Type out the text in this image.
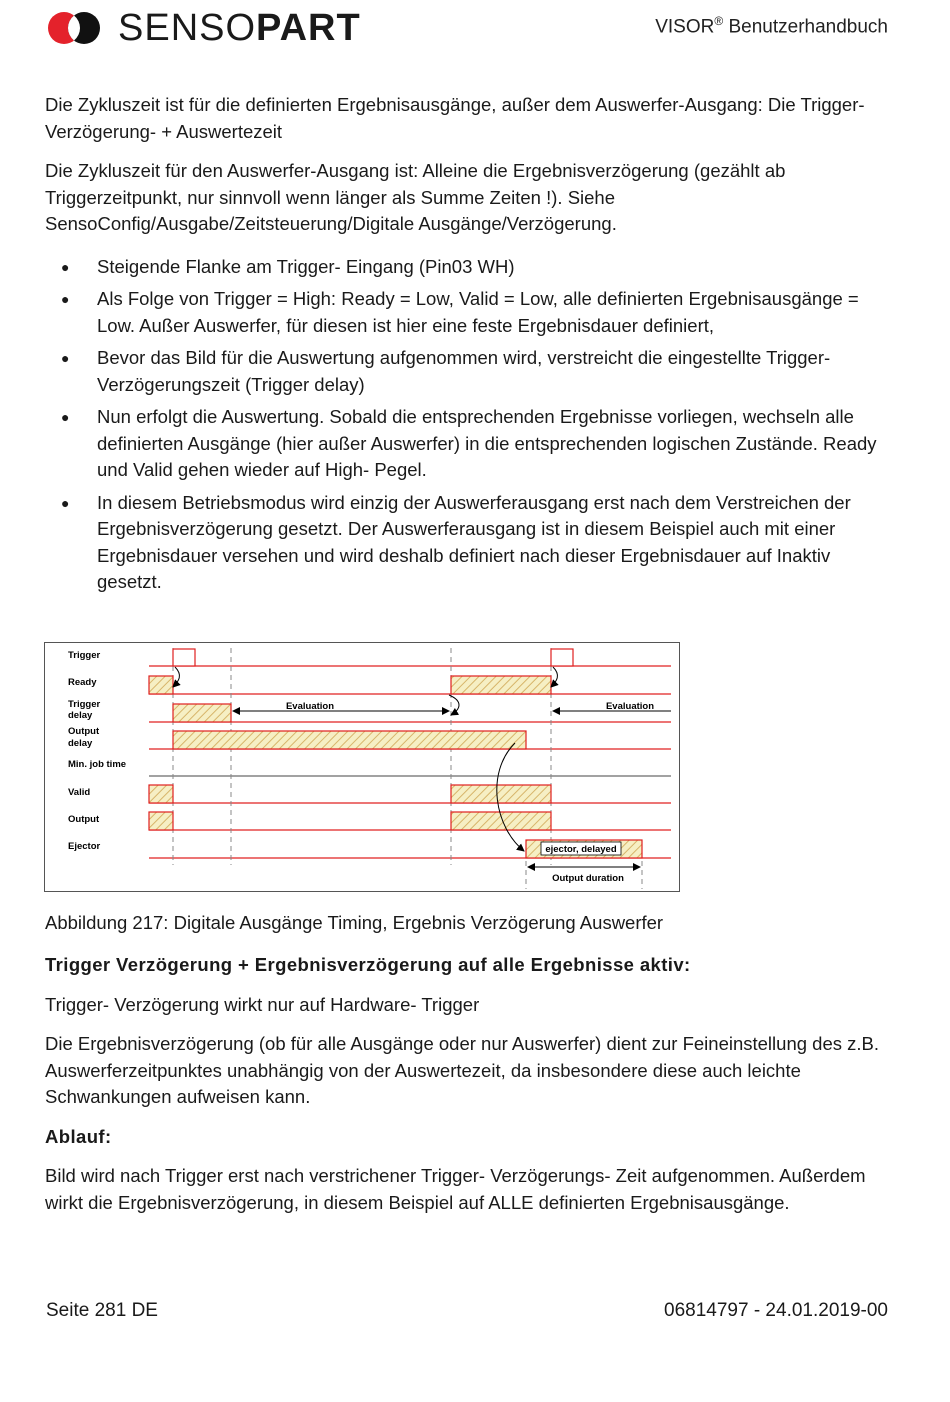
SENSOPART	VISOR® Benutzerhandbuch

Die Zykluszeit ist für die definierten Ergebnisausgänge, außer dem Auswerfer-Ausgang: Die Trigger- Verzögerung- + Auswertezeit

Die Zykluszeit für den Auswerfer-Ausgang ist: Alleine die Ergebnisverzögerung (gezählt ab Triggerzeitpunkt, nur sinnvoll wenn länger als Summe Zeiten !). Siehe SensoConfig/Ausgabe/Zeitsteuerung/Digitale Ausgänge/Verzögerung.

● Steigende Flanke am Trigger- Eingang (Pin03 WH)
● Als Folge von Trigger = High: Ready = Low, Valid = Low, alle definierten Ergebnisausgänge = Low. Außer Auswerfer, für diesen ist hier eine feste Ergebnisdauer definiert,
● Bevor das Bild für die Auswertung aufgenommen wird, verstreicht die eingestellte Trigger-Verzögerungszeit (Trigger delay)
● Nun erfolgt die Auswertung. Sobald die entsprechenden Ergebnisse vorliegen, wechseln alle definierten Ausgänge (hier außer Auswerfer) in die entsprechenden logischen Zustände. Ready und Valid gehen wieder auf High- Pegel.
● In diesem Betriebsmodus wird einzig der Auswerferausgang erst nach dem Verstreichen der Ergebnisverzögerung gesetzt. Der Auswerferausgang ist in diesem Beispiel auch mit einer Ergebnisdauer versehen und wird deshalb definiert nach dieser Ergebnisdauer auf Inaktiv gesetzt.
Trigger
Ready
Trigger
delay
Output
delay
Min. job time
Valid
Output
Ejector	ejector, delayed
Evaluation	Evaluation
Output duration
Abbildung 217: Digitale Ausgänge Timing, Ergebnis Verzögerung Auswerfer

Trigger Verzögerung + Ergebnisverzögerung auf alle Ergebnisse aktiv:

Trigger- Verzögerung wirkt nur auf Hardware- Trigger

Die Ergebnisverzögerung (ob für alle Ausgänge oder nur Auswerfer) dient zur Feineinstellung des z.B. Auswerferzeitpunktes unabhängig von der Auswertezeit, da insbesondere diese auch leichte Schwankungen aufweisen kann.

Ablauf:

Bild wird nach Trigger erst nach verstrichener Trigger- Verzögerungs- Zeit aufgenommen. Außerdem wirkt die Ergebnisverzögerung, in diesem Beispiel auf ALLE definierten Ergebnisausgänge.

Seite 281 DE	06814797 - 24.01.2019-00
